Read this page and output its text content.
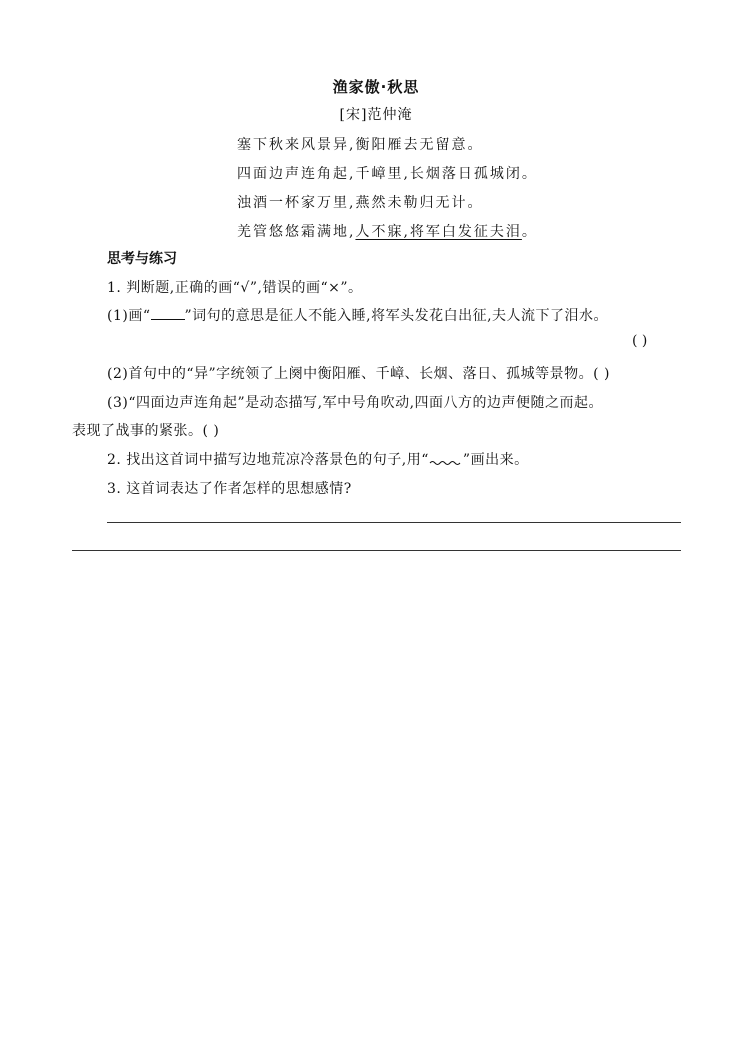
渔家傲·秋思
[宋]范仲淹
塞下秋来风景异,衡阳雁去无留意。
四面边声连角起,千嶂里,长烟落日孤城闭。
浊酒一杯家万里,燕然未勒归无计。
羌管悠悠霜满地,人不寐,将军白发征夫泪。
思考与练习
1. 判断题,正确的画“√”,错误的画“×”。
(1)画“ ”词句的意思是征人不能入睡,将军头发花白出征,夫人流下了泪水。
( )
(2)首句中的“异”字统领了上阕中衡阳雁、千嶂、长烟、落日、孤城等景物。( )
(3)“四面边声连角起”是动态描写,军中号角吹动,四面八方的边声便随之而起。
表现了战事的紧张。( )
2. 找出这首词中描写边地荒凉冷落景色的句子,用“ ”画出来。
3. 这首词表达了作者怎样的思想感情?
